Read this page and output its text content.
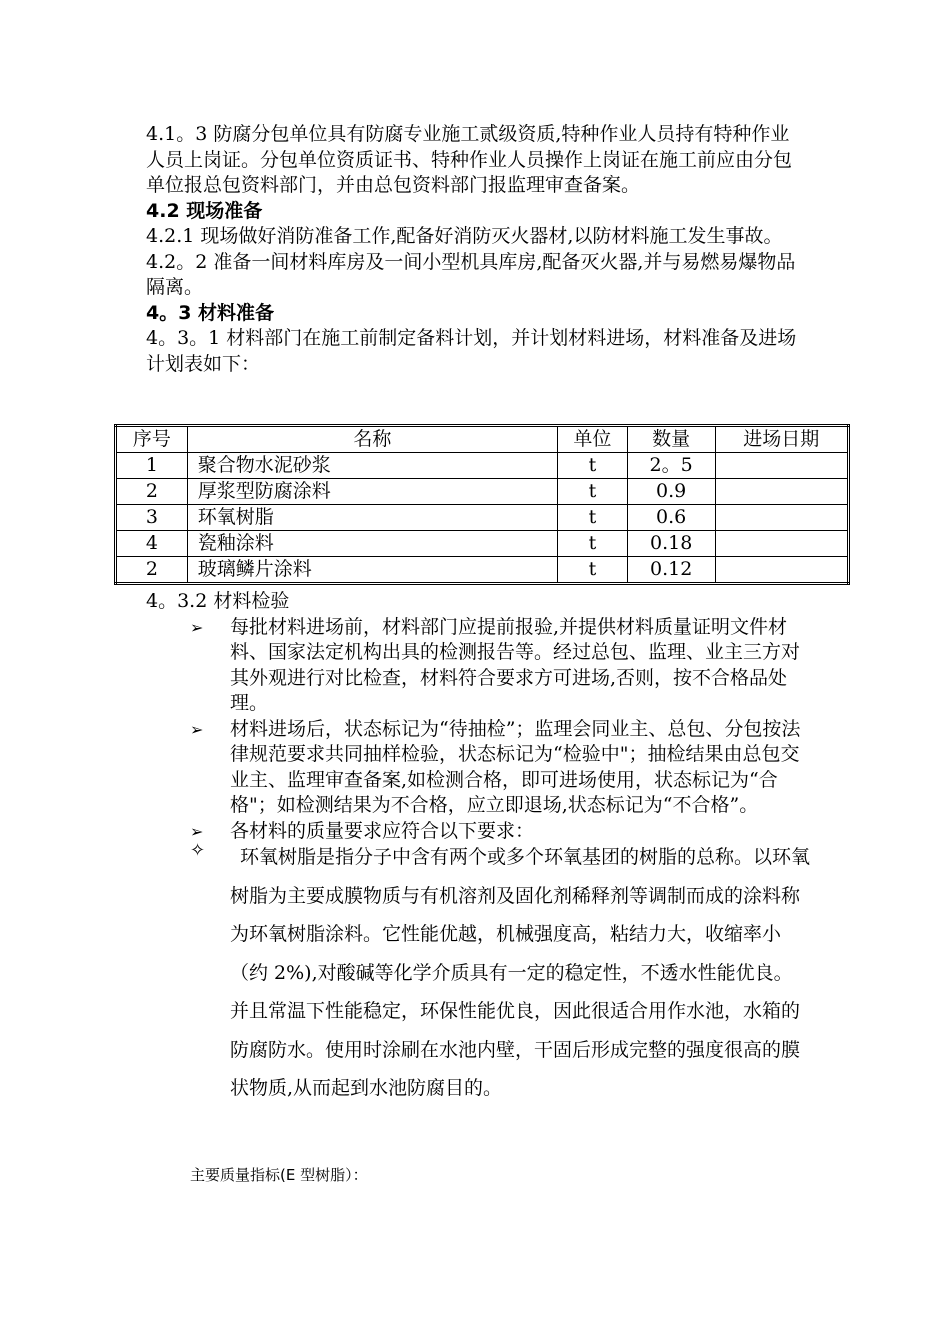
4.1。3 防腐分包单位具有防腐专业施工贰级资质,特种作业人员持有特种作业人员上岗证。分包单位资质证书、特种作业人员操作上岗证在施工前应由分包单位报总包资料部门，并由总包资料部门报监理审查备案。

4.2 现场准备

4.2.1 现场做好消防准备工作,配备好消防灭火器材,以防材料施工发生事故。

4.2。2 准备一间材料库房及一间小型机具库房,配备灭火器,并与易燃易爆物品隔离。

4。3 材料准备

4。3。1 材料部门在施工前制定备料计划，并计划材料进场，材料准备及进场计划表如下：

序号	名称	单位	数量	进场日期
1	聚合物水泥砂浆	t	2。5	
2	厚浆型防腐涂料	t	0.9	
3	环氧树脂	t	0.6	
4	瓷釉涂料	t	0.18	
2	玻璃鳞片涂料	t	0.12	

4。3.2 材料检验

➢	每批材料进场前，材料部门应提前报验,并提供材料质量证明文件材料、国家法定机构出具的检测报告等。经过总包、监理、业主三方对其外观进行对比检查，材料符合要求方可进场,否则，按不合格品处理。
➢	材料进场后，状态标记为“待抽检”；监理会同业主、总包、分包按法律规范要求共同抽样检验，状态标记为“检验中"；抽检结果由总包交业主、监理审查备案,如检测合格，即可进场使用，状态标记为“合格"；如检测结果为不合格，应立即退场,状态标记为“不合格”。
➢	各材料的质量要求应符合以下要求：
✧	环氧树脂是指分子中含有两个或多个环氧基团的树脂的总称。以环氧树脂为主要成膜物质与有机溶剂及固化剂稀释剂等调制而成的涂料称为环氧树脂涂料。它性能优越，机械强度高，粘结力大，收缩率小（约 2%),对酸碱等化学介质具有一定的稳定性，不透水性能优良。并且常温下性能稳定，环保性能优良，因此很适合用作水池，水箱的防腐防水。使用时涂刷在水池内壁，干固后形成完整的强度很高的膜状物质,从而起到水池防腐目的。
主要质量指标(E 型树脂）：
